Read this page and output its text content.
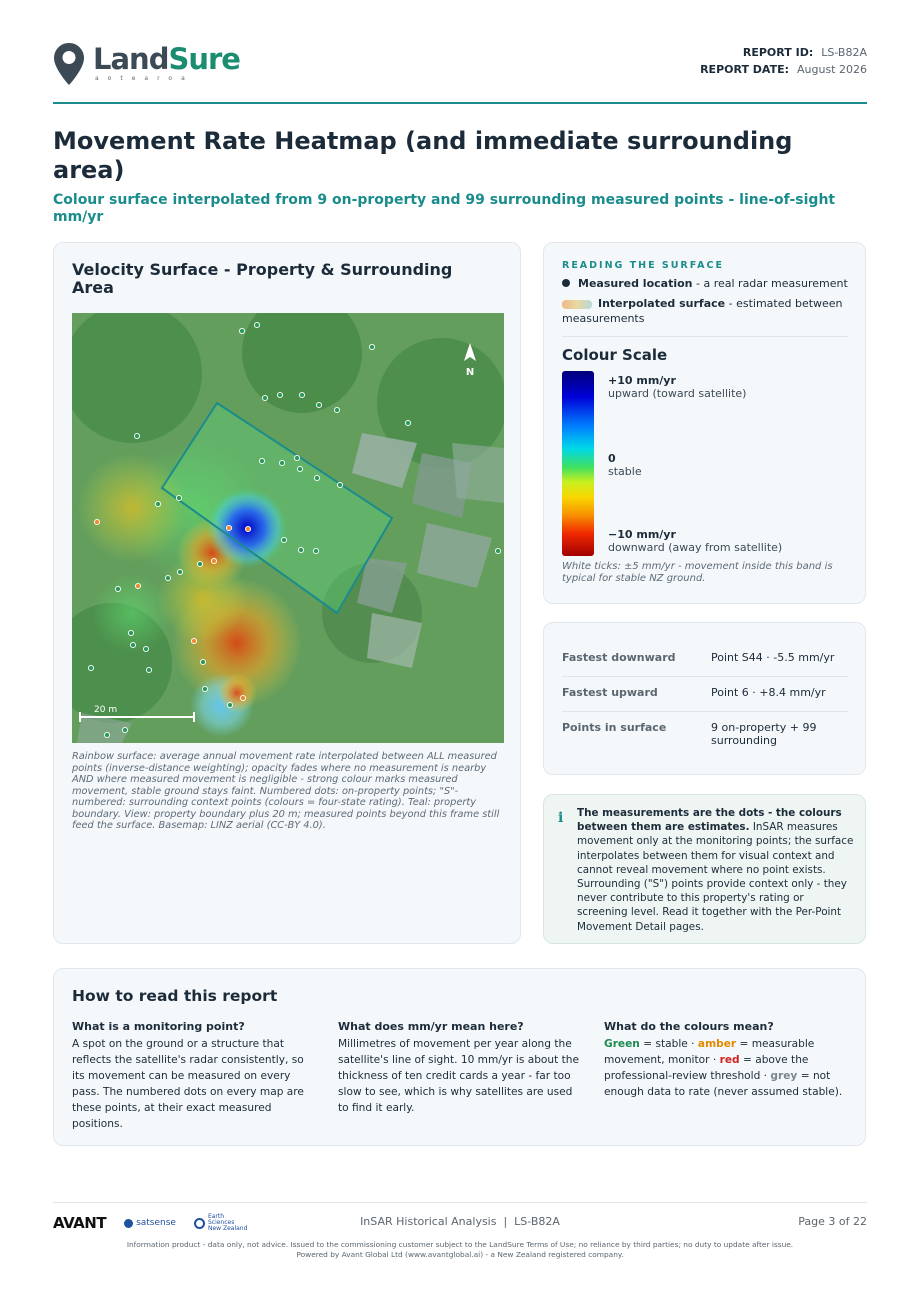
LandSure
aotearoa
REPORT ID: LS-B82A
REPORT DATE: August 2026
Movement Rate Heatmap (and immediate surrounding area)
Colour surface interpolated from 9 on-property and 99 surrounding measured points - line-of-sight mm/yr
Velocity Surface - Property & Surrounding Area
N
20 m
Rainbow surface: average annual movement rate interpolated between ALL measured points (inverse-distance weighting); opacity fades where no measurement is nearby AND where measured movement is negligible - strong colour marks measured movement, stable ground stays faint. Numbered dots: on-property points; "S"-numbered: surrounding context points (colours = four-state rating). Teal: property boundary. View: property boundary plus 20 m; measured points beyond this frame still feed the surface. Basemap: LINZ aerial (CC-BY 4.0).
READING THE SURFACE
Measured location - a real radar measurement
Interpolated surface - estimated between measurements
Colour Scale
+10 mm/yr
upward (toward satellite)
0
stable
−10 mm/yr
downward (away from satellite)
White ticks: ±5 mm/yr - movement inside this band is typical for stable NZ ground.
Fastest downward	Point S44 · -5.5 mm/yr
Fastest upward	Point 6 · +8.4 mm/yr
Points in surface	9 on-property + 99 surrounding
i The measurements are the dots - the colours between them are estimates. InSAR measures movement only at the monitoring points; the surface interpolates between them for visual context and cannot reveal movement where no point exists. Surrounding ("S") points provide context only - they never contribute to this property's rating or screening level. Read it together with the Per-Point Movement Detail pages.
How to read this report
What is a monitoring point?

A spot on the ground or a structure that reflects the satellite's radar consistently, so its movement can be measured on every pass. The numbered dots on every map are these points, at their exact measured positions.

What does mm/yr mean here?

Millimetres of movement per year along the satellite's line of sight. 10 mm/yr is about the thickness of ten credit cards a year - far too slow to see, which is why satellites are used to find it early.

What do the colours mean?

Green = stable · amber = measurable movement, monitor · red = above the professional-review threshold · grey = not enough data to rate (never assumed stable).

AVANT	satsense
Earth Sciences New Zealand
InSAR Historical Analysis  |  LS-B82A	Page 3 of 22
Information product - data only, not advice. Issued to the commissioning customer subject to the LandSure Terms of Use; no reliance by third parties; no duty to update after issue.
Powered by Avant Global Ltd (www.avantglobal.ai) - a New Zealand registered company.
